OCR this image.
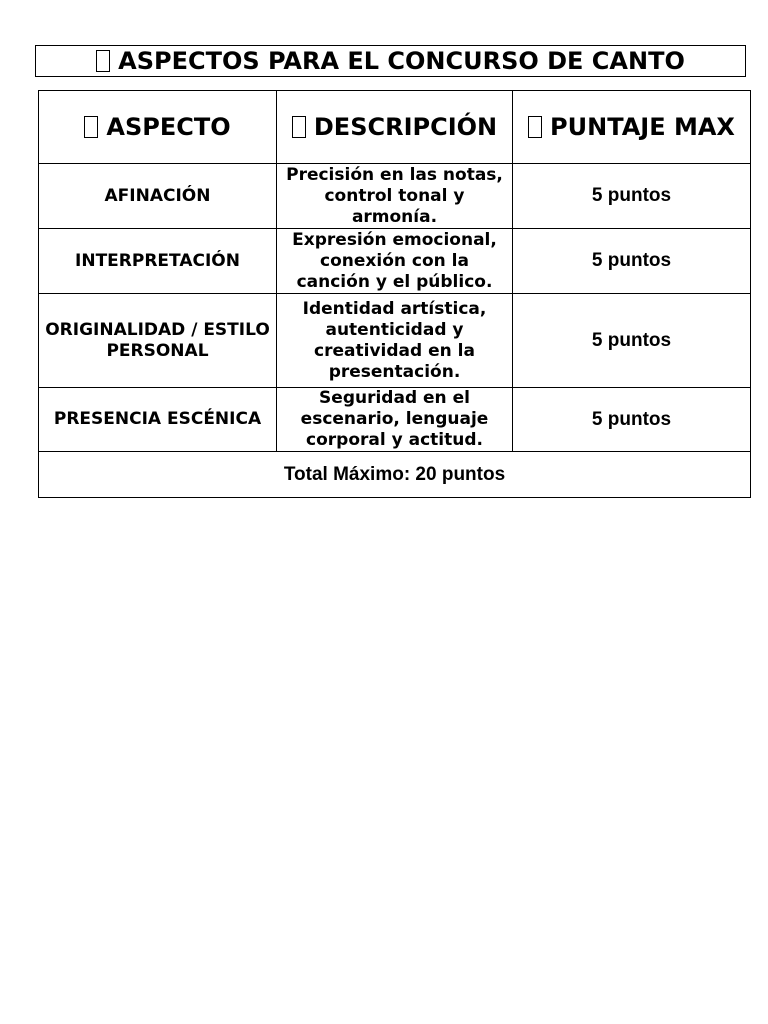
ASPECTOS PARA EL CONCURSO DE CANTO
ASPECTO	DESCRIPCIÓN	PUNTAJE MAX
AFINACIÓN	Precisión en las notas, control tonal y armonía.	5 puntos
INTERPRETACIÓN	Expresión emocional, conexión con la canción y el público.	5 puntos
ORIGINALIDAD / ESTILO PERSONAL	Identidad artística, autenticidad y creatividad en la presentación.	5 puntos
PRESENCIA ESCÉNICA	Seguridad en el escenario, lenguaje corporal y actitud.	5 puntos
Total Máximo: 20 puntos		
